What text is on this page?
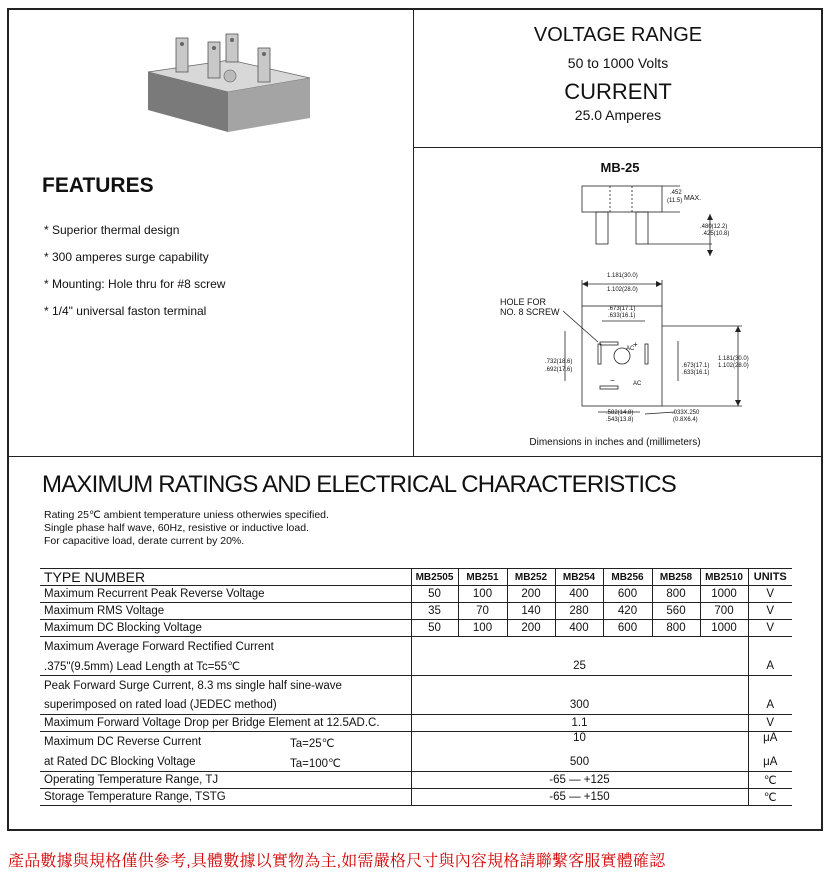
VOLTAGE RANGE
50 to 1000 Volts
CURRENT
25.0 Amperes
FEATURES
* Superior thermal design
* 300 amperes surge capability
* Mounting: Hole thru for #8 screw
* 1/4" universal faston terminal
MB-25
.452
(11.5) MAX.
.480(12.2)
.425(10.8)
1.181(30.0)
1.102(28.0)
HOLE FOR
NO. 8 SCREW	.673(17.1)
.633(16.1)
.732(18.6)
.692(17.6)
.673(17.1)
.633(16.1)
1.181(30.0)
1.102(28.0)
.582(14.8)
.543(13.8)
.033X.250
(0.8X6.4)
AC
AC
+
−
Dimensions in inches and (millimeters)
MAXIMUM RATINGS AND ELECTRICAL CHARACTERISTICS
Rating 25℃ ambient temperature uniess otherwies specified.
Single phase half wave, 60Hz, resistive or inductive load.
For capacitive load, derate current by 20%.
TYPE NUMBER	MB2505	MB251	MB252	MB254	MB256	MB258	MB2510	UNITS
Maximum Recurrent Peak Reverse Voltage	50	100	200	400	600	800	1000	V
Maximum RMS Voltage	35	70	140	280	420	560	700	V
Maximum DC Blocking Voltage	50	100	200	400	600	800	1000	V
Maximum Average Forward Rectified Current								
.375"(9.5mm) Lead Length at Tc=55℃	25							A
Peak Forward Surge Current, 8.3 ms single half sine-wave								
superimposed on rated load (JEDEC method)	300							A
Maximum Forward Voltage Drop per Bridge Element at 12.5AD.C.	1.1							V
Maximum DC Reverse Current Ta=25℃	10							μA
at Rated DC Blocking Voltage Ta=100℃	500							μA
Operating Temperature Range, TJ	-65 — +125							℃
Storage Temperature Range, TSTG	-65 — +150							℃
產品數據與規格僅供參考,具體數據以實物為主,如需嚴格尺寸與內容規格請聯繫客服實體確認
